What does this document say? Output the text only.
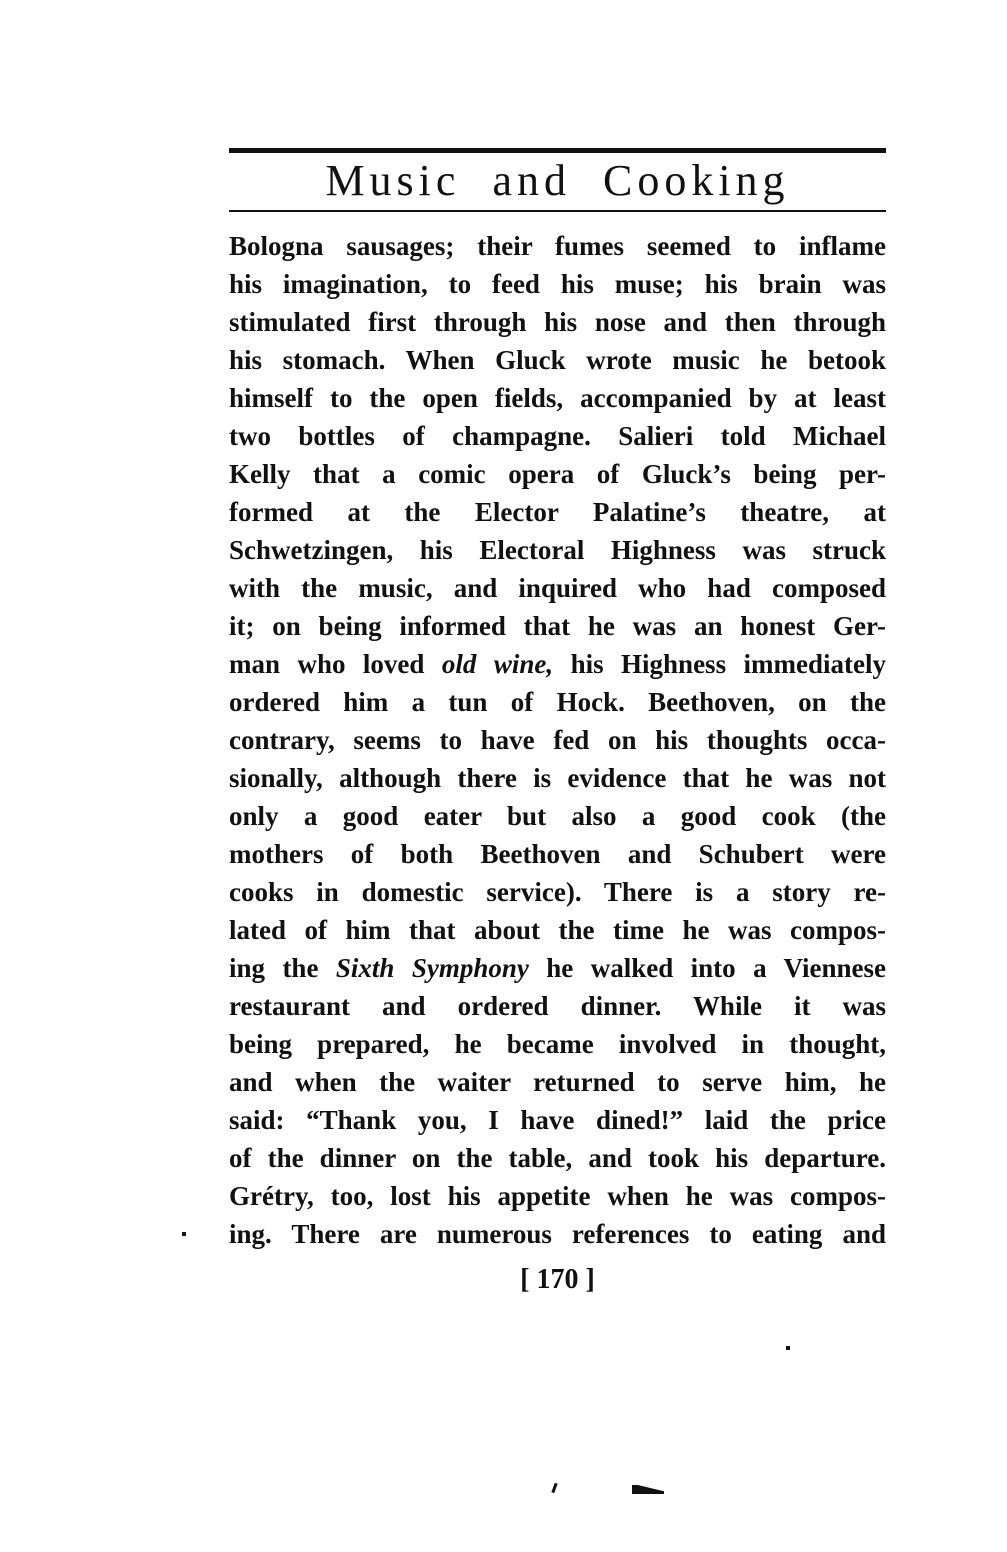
Music and Cooking
Bologna sausages; their fumes seemed to inflame
his imagination, to feed his muse; his brain was
stimulated first through his nose and then through
his stomach. When Gluck wrote music he betook
himself to the open fields, accompanied by at least
two bottles of champagne. Salieri told Michael
Kelly that a comic opera of Gluck’s being per-
formed at the Elector Palatine’s theatre, at
Schwetzingen, his Electoral Highness was struck
with the music, and inquired who had composed
it; on being informed that he was an honest Ger-
man who loved old wine, his Highness immediately
ordered him a tun of Hock. Beethoven, on the
contrary, seems to have fed on his thoughts occa-
sionally, although there is evidence that he was not
only a good eater but also a good cook (the
mothers of both Beethoven and Schubert were
cooks in domestic service). There is a story re-
lated of him that about the time he was compos-
ing the Sixth Symphony he walked into a Viennese
restaurant and ordered dinner. While it was
being prepared, he became involved in thought,
and when the waiter returned to serve him, he
said: “Thank you, I have dined!” laid the price
of the dinner on the table, and took his departure.
Grétry, too, lost his appetite when he was compos-
ing. There are numerous references to eating and
[ 170 ]
